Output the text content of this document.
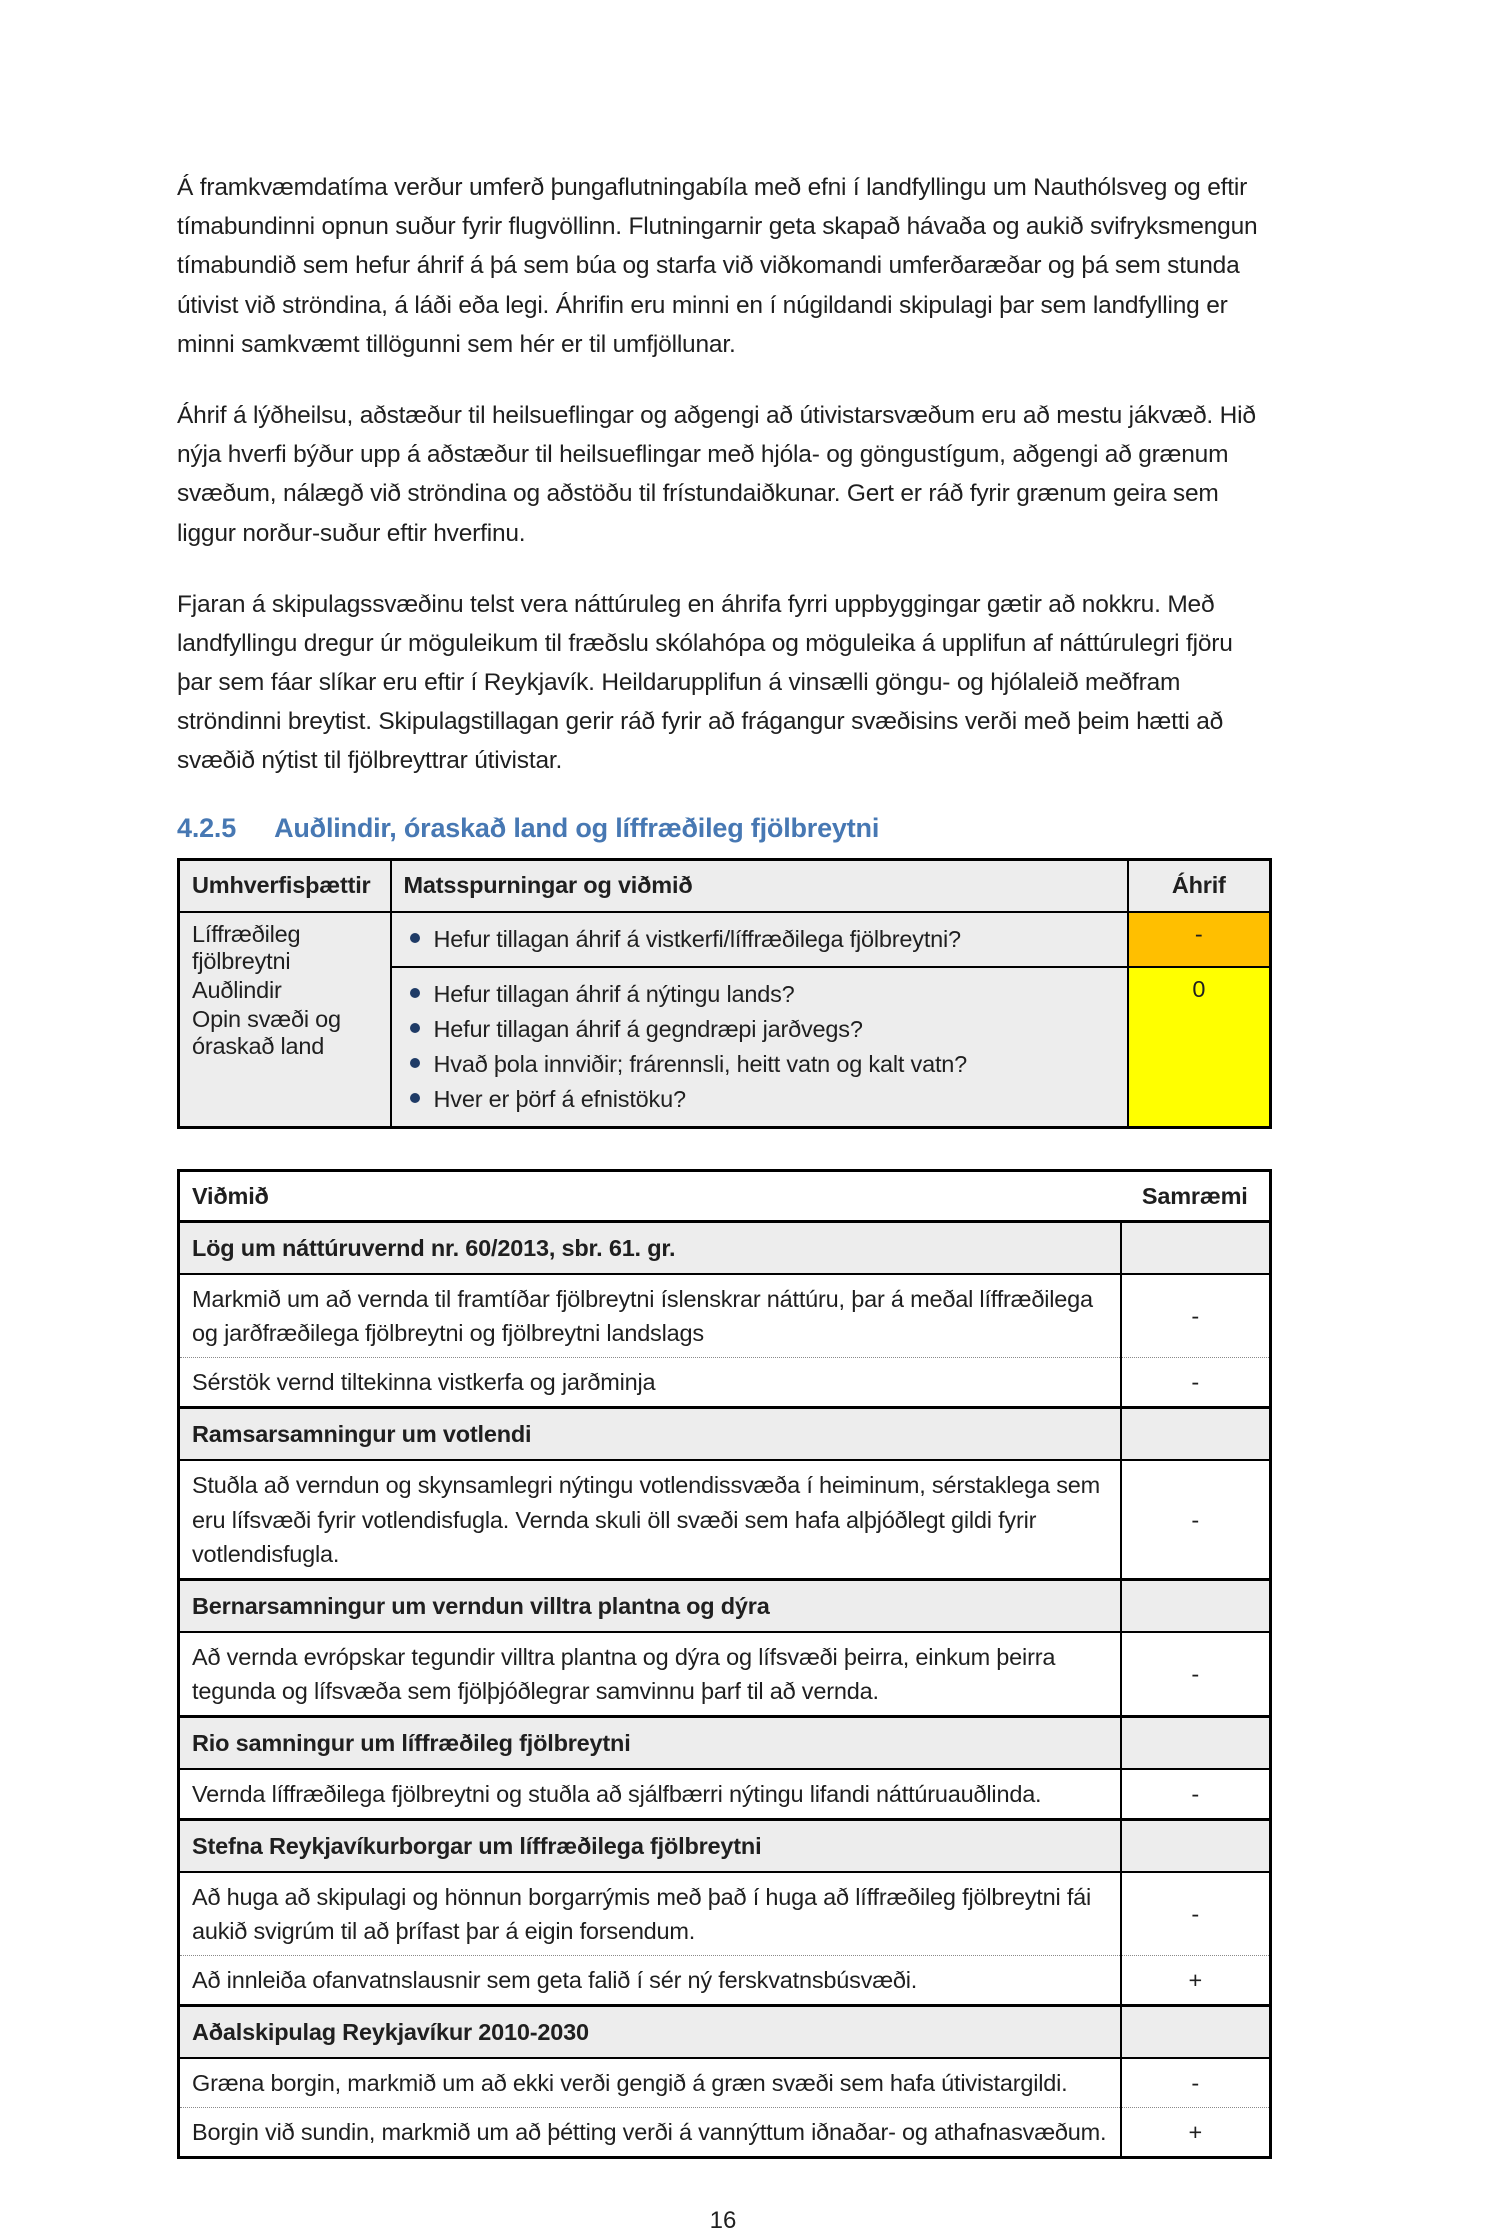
Á framkvæmdatíma verður umferð þungaflutningabíla með efni í landfyllingu um Nauthólsveg og eftir tímabundinni opnun suður fyrir flugvöllinn. Flutningarnir geta skapað hávaða og aukið svifryksmengun tímabundið sem hefur áhrif á þá sem búa og starfa við viðkomandi umferðaræðar og þá sem stunda útivist við ströndina, á láði eða legi. Áhrifin eru minni en í núgildandi skipulagi þar sem landfylling er minni samkvæmt tillögunni sem hér er til umfjöllunar.

Áhrif á lýðheilsu, aðstæður til heilsueflingar og aðgengi að útivistarsvæðum eru að mestu jákvæð. Hið nýja hverfi býður upp á aðstæður til heilsueflingar með hjóla- og göngustígum, aðgengi að grænum svæðum, nálægð við ströndina og aðstöðu til frístundaiðkunar. Gert er ráð fyrir grænum geira sem liggur norður-suður eftir hverfinu.

Fjaran á skipulagssvæðinu telst vera náttúruleg en áhrifa fyrri uppbyggingar gætir að nokkru. Með landfyllingu dregur úr möguleikum til fræðslu skólahópa og möguleika á upplifun af náttúrulegri fjöru þar sem fáar slíkar eru eftir í Reykjavík. Heildarupplifun á vinsælli göngu- og hjólaleið meðfram ströndinni breytist. Skipulagstillagan gerir ráð fyrir að frágangur svæðisins verði með þeim hætti að svæðið nýtist til fjölbreyttrar útivistar.

4.2.5 Auðlindir, óraskað land og líffræðileg fjölbreytni
Umhverfisþættir	Matsspurningar og viðmið	Áhrif

Líffræðileg fjölbreytni
Auðlindir
Opin svæði og óraskað land	Hefur tillagan áhrif á vistkerfi/líffræðilega fjölbreytni?	-

	Hefur tillagan áhrif á nýtingu lands?
Hefur tillagan áhrif á gegndræpi jarðvegs?
Hvað þola innviðir; frárennsli, heitt vatn og kalt vatn?
Hver er þörf á efnistöku?	0
Viðmið	Samræmi
Lög um náttúruvernd nr. 60/2013, sbr. 61. gr.	
Markmið um að vernda til framtíðar fjölbreytni íslenskrar náttúru, þar á meðal líffræðilega og jarðfræðilega fjölbreytni og fjölbreytni landslags	-
Sérstök vernd tiltekinna vistkerfa og jarðminja	-
Ramsarsamningur um votlendi	
Stuðla að verndun og skynsamlegri nýtingu votlendissvæða í heiminum, sérstaklega sem eru lífsvæði fyrir votlendisfugla. Vernda skuli öll svæði sem hafa alþjóðlegt gildi fyrir votlendisfugla.	-
Bernarsamningur um verndun villtra plantna og dýra	
Að vernda evrópskar tegundir villtra plantna og dýra og lífsvæði þeirra, einkum þeirra tegunda og lífsvæða sem fjölþjóðlegrar samvinnu þarf til að vernda.	-
Rio samningur um líffræðileg fjölbreytni	
Vernda líffræðilega fjölbreytni og stuðla að sjálfbærri nýtingu lifandi náttúruauðlinda.	-
Stefna Reykjavíkurborgar um líffræðilega fjölbreytni	
Að huga að skipulagi og hönnun borgarrýmis með það í huga að líffræðileg fjölbreytni fái aukið svigrúm til að þrífast þar á eigin forsendum.	-
Að innleiða ofanvatnslausnir sem geta falið í sér ný ferskvatnsbúsvæði.	+
Aðalskipulag Reykjavíkur 2010-2030	
Græna borgin, markmið um að ekki verði gengið á græn svæði sem hafa útivistargildi.	-
Borgin við sundin, markmið um að þétting verði á vannýttum iðnaðar- og athafnasvæðum.	+
16
